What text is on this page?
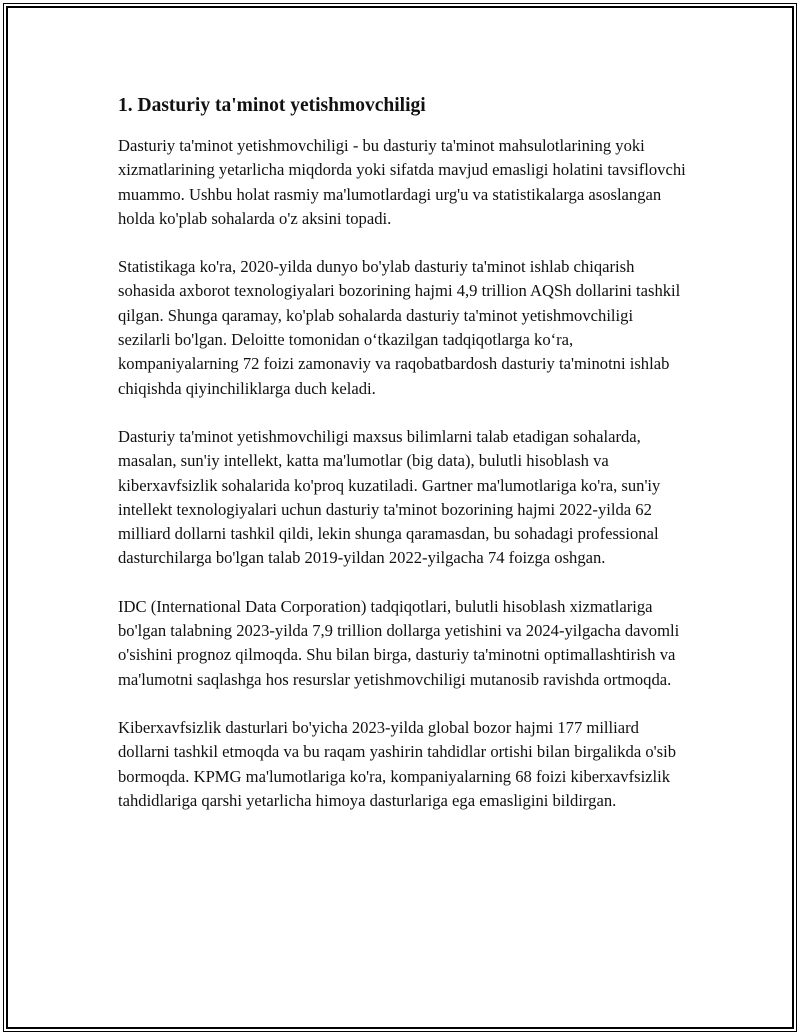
1. Dasturiy ta'minot yetishmovchiligi

Dasturiy ta'minot yetishmovchiligi - bu dasturiy ta'minot mahsulotlarining yoki xizmatlarining yetarlicha miqdorda yoki sifatda mavjud emasligi holatini tavsiflovchi muammo. Ushbu holat rasmiy ma'lumotlardagi urg'u va statistikalarga asoslangan holda ko'plab sohalarda o'z aksini topadi.

Statistikaga ko'ra, 2020-yilda dunyo bo'ylab dasturiy ta'minot ishlab chiqarish sohasida axborot texnologiyalari bozorining hajmi 4,9 trillion AQSh dollarini tashkil qilgan. Shunga qaramay, ko'plab sohalarda dasturiy ta'minot yetishmovchiligi sezilarli bo'lgan. Deloitte tomonidan o‘tkazilgan tadqiqotlarga ko‘ra, kompaniyalarning 72 foizi zamonaviy va raqobatbardosh dasturiy ta'minotni ishlab chiqishda qiyinchiliklarga duch keladi.

Dasturiy ta'minot yetishmovchiligi maxsus bilimlarni talab etadigan sohalarda, masalan, sun'iy intellekt, katta ma'lumotlar (big data), bulutli hisoblash va kiberxavfsizlik sohalarida ko'proq kuzatiladi. Gartner ma'lumotlariga ko'ra, sun'iy intellekt texnologiyalari uchun dasturiy ta'minot bozorining hajmi 2022-yilda 62 milliard dollarni tashkil qildi, lekin shunga qaramasdan, bu sohadagi professional dasturchilarga bo'lgan talab 2019-yildan 2022-yilgacha 74 foizga oshgan.

IDC (International Data Corporation) tadqiqotlari, bulutli hisoblash xizmatlariga bo'lgan talabning 2023-yilda 7,9 trillion dollarga yetishini va 2024-yilgacha davomli o'sishini prognoz qilmoqda. Shu bilan birga, dasturiy ta'minotni optimallashtirish va ma'lumotni saqlashga hos resurslar yetishmovchiligi mutanosib ravishda ortmoqda.

Kiberxavfsizlik dasturlari bo'yicha 2023-yilda global bozor hajmi 177 milliard dollarni tashkil etmoqda va bu raqam yashirin tahdidlar ortishi bilan birgalikda o'sib bormoqda. KPMG ma'lumotlariga ko'ra, kompaniyalarning 68 foizi kiberxavfsizlik tahdidlariga qarshi yetarlicha himoya dasturlariga ega emasligini bildirgan.
